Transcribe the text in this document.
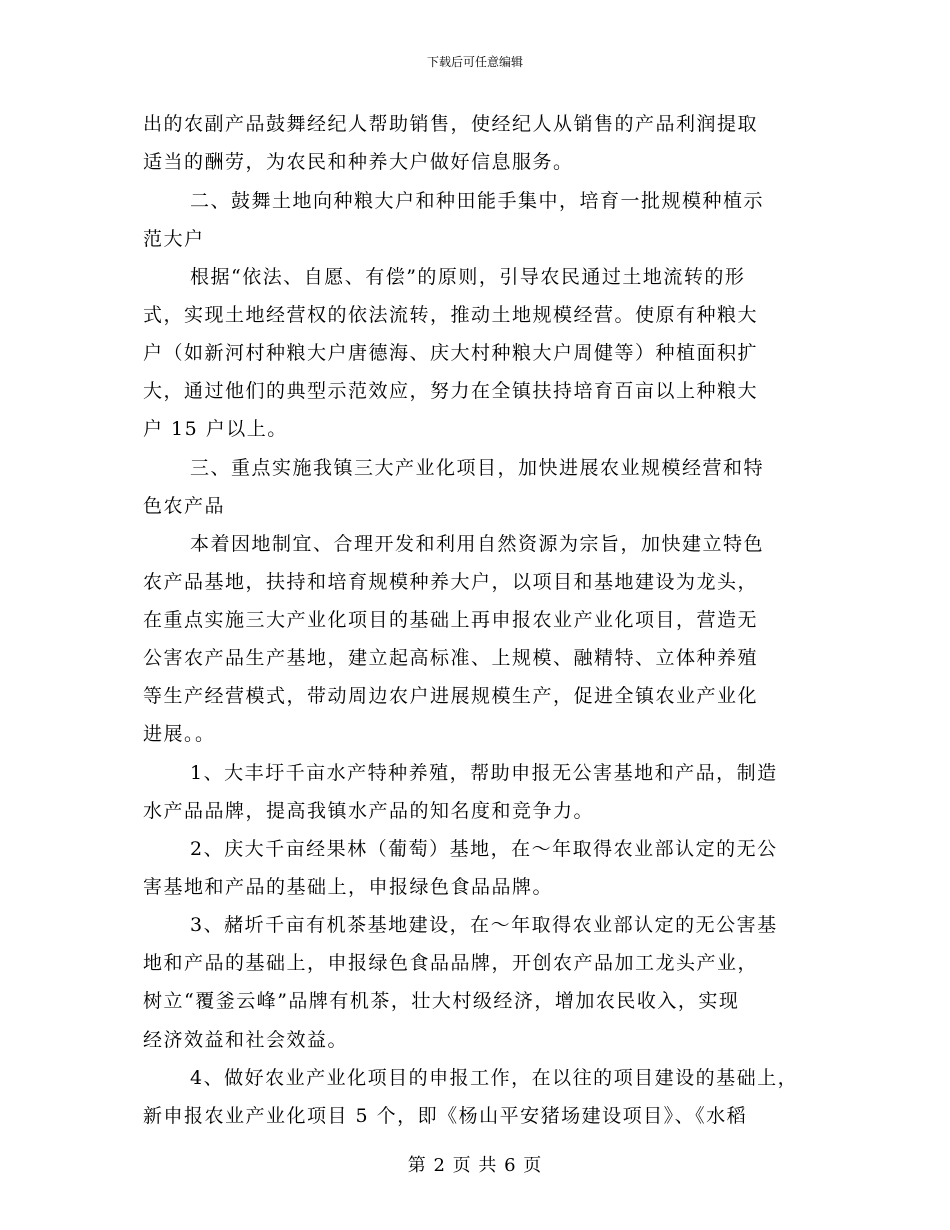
下载后可任意编辑
出的农副产品鼓舞经纪人帮助销售，使经纪人从销售的产品利润提取
适当的酬劳，为农民和种养大户做好信息服务。
二、鼓舞土地向种粮大户和种田能手集中，培育一批规模种植示
范大户
根据“依法、自愿、有偿”的原则，引导农民通过土地流转的形
式，实现土地经营权的依法流转，推动土地规模经营。使原有种粮大
户（如新河村种粮大户唐德海、庆大村种粮大户周健等）种植面积扩
大，通过他们的典型示范效应，努力在全镇扶持培育百亩以上种粮大
户 15 户以上。
三、重点实施我镇三大产业化项目，加快进展农业规模经营和特
色农产品
本着因地制宜、合理开发和利用自然资源为宗旨，加快建立特色
农产品基地，扶持和培育规模种养大户，以项目和基地建设为龙头，
在重点实施三大产业化项目的基础上再申报农业产业化项目，营造无
公害农产品生产基地，建立起高标准、上规模、融精特、立体种养殖
等生产经营模式，带动周边农户进展规模生产，促进全镇农业产业化
进展。。
1、大丰圩千亩水产特种养殖，帮助申报无公害基地和产品，制造
水产品品牌，提高我镇水产品的知名度和竞争力。
2、庆大千亩经果林（葡萄）基地，在～年取得农业部认定的无公
害基地和产品的基础上，申报绿色食品品牌。
3、赭圻千亩有机茶基地建设，在～年取得农业部认定的无公害基
地和产品的基础上，申报绿色食品品牌，开创农产品加工龙头产业，
树立“覆釜云峰”品牌有机茶，壮大村级经济，增加农民收入，实现
经济效益和社会效益。
4、做好农业产业化项目的申报工作，在以往的项目建设的基础上，
新申报农业产业化项目 5 个，即《杨山平安猪场建设项目》、《水稻
第 2 页 共 6 页
